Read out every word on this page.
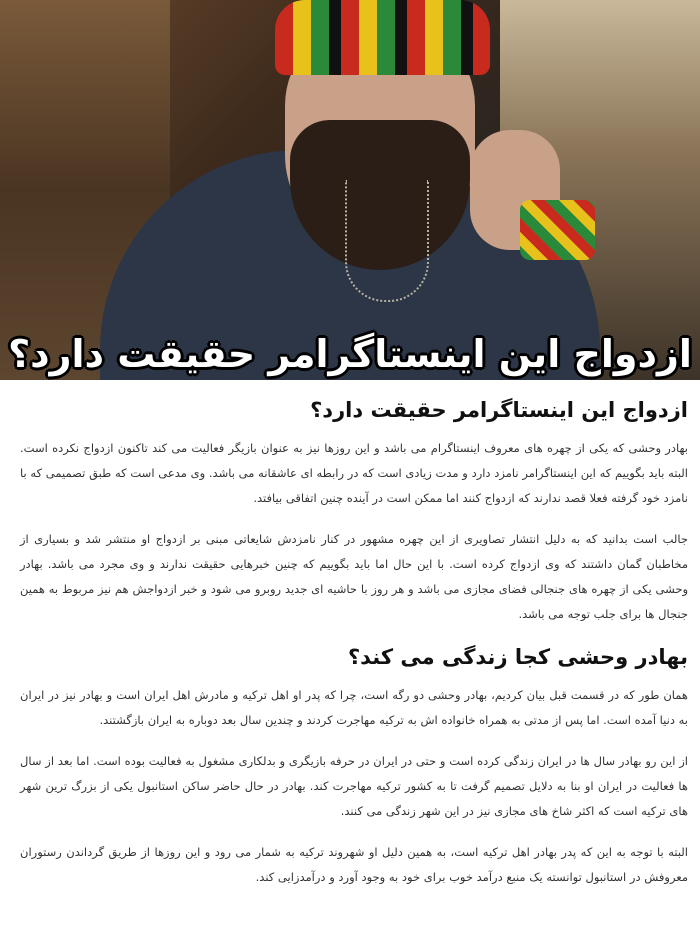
ازدواج این اینستاگرامر حقیقت دارد؟
ازدواج این اینستاگرامر حقیقت دارد؟

بهادر وحشی که یکی از چهره های معروف اینستاگرام می باشد و این روزها نیز به عنوان بازیگر فعالیت می کند تاکنون ازدواج نکرده است. البته باید بگوییم که این اینستاگرامر نامزد دارد و مدت زیادی است که در رابطه ای عاشقانه می باشد. وی مدعی است که طبق تصمیمی که با نامزد خود گرفته فعلا قصد ندارند که ازدواج کنند اما ممکن است در آینده چنین اتفاقی بیافتد.

جالب است بدانید که به دلیل انتشار تصاویری از این چهره مشهور در کنار نامزدش شایعاتی مبنی بر ازدواج او منتشر شد و بسیاری از مخاطبان گمان داشتند که وی ازدواج کرده است. با این حال اما باید بگوییم که چنین خبرهایی حقیقت ندارند و وی مجرد می باشد. بهادر وحشی یکی از چهره های جنجالی فضای مجازی می باشد و هر روز با حاشیه ای جدید روبرو می شود و خبر ازدواجش هم نیز مربوط به همین جنجال ها برای جلب توجه می باشد.

بهادر وحشی کجا زندگی می کند؟

همان طور که در قسمت قبل بیان کردیم، بهادر وحشی دو رگه است، چرا که پدر او اهل ترکیه و مادرش اهل ایران است و بهادر نیز در ایران به دنیا آمده است. اما پس از مدتی به همراه خانواده اش به ترکیه مهاجرت کردند و چندین سال بعد دوباره به ایران بازگشتند.

از این رو بهادر سال ها در ایران زندگی کرده است و حتی در ایران در حرفه بازیگری و بدلکاری مشغول به فعالیت بوده است. اما بعد از سال ها فعالیت در ایران او بنا به دلایل تصمیم گرفت تا به کشور ترکیه مهاجرت کند. بهادر در حال حاضر ساکن استانبول یکی از بزرگ ترین شهر های ترکیه است که اکثر شاخ های مجازی نیز در این شهر زندگی می کنند.

البته با توجه به این که پدر بهادر اهل ترکیه است، به همین دلیل او شهروند ترکیه به شمار می رود و این روزها از طریق گرداندن رستوران معروفش در استانبول توانسته یک منبع درآمد خوب برای خود به وجود آورد و درآمدزایی کند.
